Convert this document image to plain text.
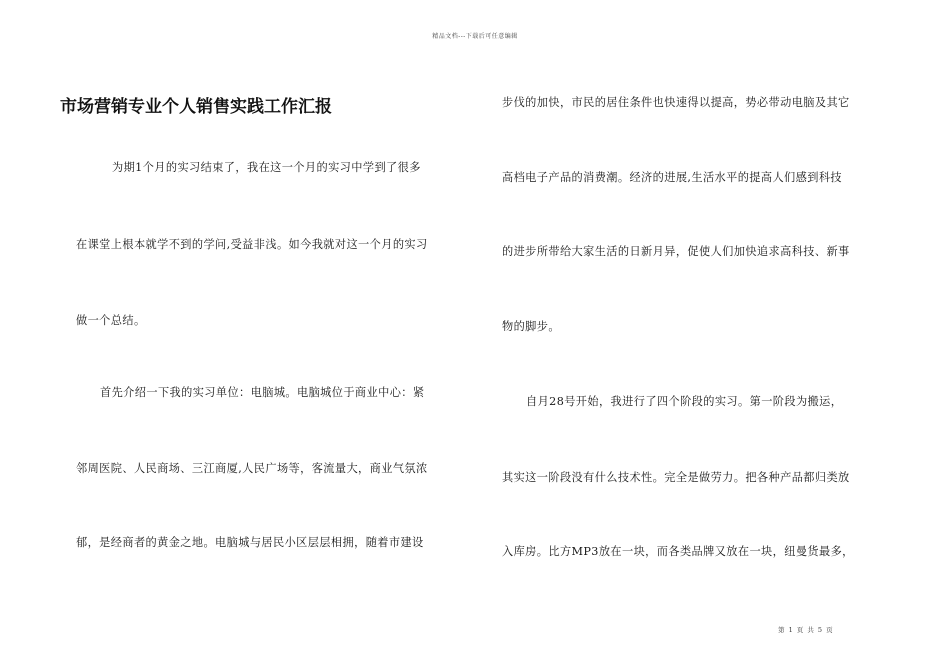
精品文档---下载后可任意编辑
市场营销专业个人销售实践工作汇报
为期1个月的实习结束了，我在这一个月的实习中学到了很多
在课堂上根本就学不到的学问,受益非浅。如今我就对这一个月的实习
做一个总结。
首先介绍一下我的实习单位：电脑城。电脑城位于商业中心：紧
邻周医院、人民商场、三江商厦,人民广场等，客流量大，商业气氛浓
郁，是经商者的黄金之地。电脑城与居民小区层层相拥，随着市建设
步伐的加快，市民的居住条件也快速得以提高，势必带动电脑及其它
高档电子产品的消费潮。经济的进展,生活水平的提高人们感到科技
的进步所带给大家生活的日新月异，促使人们加快追求高科技、新事
物的脚步。
自月28号开始，我进行了四个阶段的实习。第一阶段为搬运，
其实这一阶段没有什么技术性。完全是做劳力。把各种产品都归类放
入库房。比方MP3放在一块，而各类品牌又放在一块，纽曼货最多，
第 1 页 共 5 页
